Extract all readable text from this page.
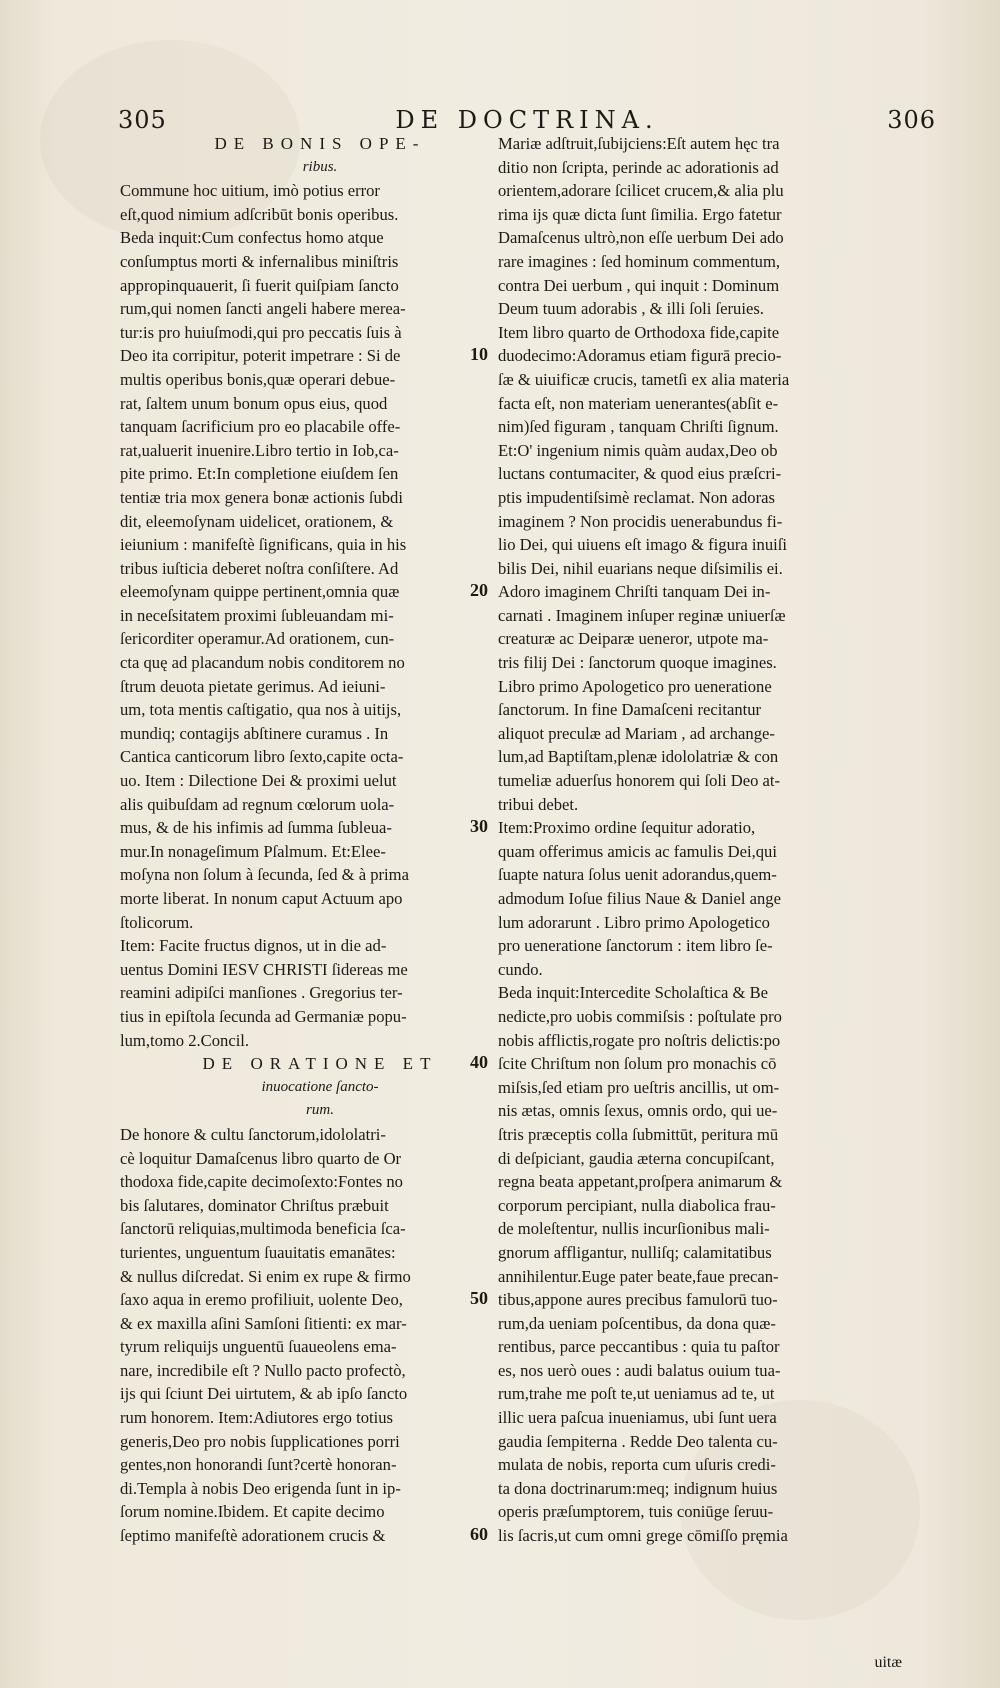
305	DE DOCTRINA.	306
DE BONIS OPE-
ribus.
Commune hoc uitium, imò potius error
eſt,quod nimium adſcribūt bonis operibus.
Beda inquit:Cum confectus homo atque
conſumptus morti & infernalibus miniſtris
appropinquauerit, ſi fuerit quiſpiam ſancto
rum,qui nomen ſancti angeli habere merea-
tur:is pro huiuſmodi,qui pro peccatis ſuis à
Deo ita corripitur, poterit impetrare : Si de
multis operibus bonis,quæ operari debue-
rat, ſaltem unum bonum opus eius, quod
tanquam ſacrificium pro eo placabile offe-
rat,ualuerit inuenire.Libro tertio in Iob,ca-
pite primo. Et:In completione eiuſdem ſen
tentiæ tria mox genera bonæ actionis ſubdi
dit, eleemoſynam uidelicet, orationem, &
ieiunium : manifeſtè ſignificans, quia in his
tribus iuſticia deberet noſtra conſiſtere. Ad
eleemoſynam quippe pertinent,omnia quæ
in neceſsitatem proximi ſubleuandam mi-
ſericorditer operamur.Ad orationem, cun-
cta quę ad placandum nobis conditorem no
ſtrum deuota pietate gerimus. Ad ieiuni-
um, tota mentis caſtigatio, qua nos à uitijs,
mundiq; contagijs abſtinere curamus . In
Cantica canticorum libro ſexto,capite octa-
uo. Item : Dilectione Dei & proximi uelut
alis quibuſdam ad regnum cœlorum uola-
mus, & de his infimis ad ſumma ſubleua-
mur.In nonageſimum Pſalmum. Et:Elee-
moſyna non ſolum à ſecunda, ſed & à prima
morte liberat. In nonum caput Actuum apo
ſtolicorum.
Item: Facite fructus dignos, ut in die ad-
uentus Domini IESV CHRISTI ſidereas me
reamini adipiſci manſiones . Gregorius ter-
tius in epiſtola ſecunda ad Germaniæ popu-
lum,tomo 2.Concil.
DE ORATIONE ET
inuocatione ſancto-
rum.
De honore & cultu ſanctorum,idololatri-
cè loquitur Damaſcenus libro quarto de Or
thodoxa fide,capite decimoſexto:Fontes no
bis ſalutares, dominator Chriſtus præbuit
ſanctorū reliquias,multimoda beneficia ſca-
turientes, unguentum ſuauitatis emanātes:
& nullus diſcredat. Si enim ex rupe & firmo
ſaxo aqua in eremo profiliuit, uolente Deo,
& ex maxilla aſini Samſoni ſitienti: ex mar-
tyrum reliquijs unguentū ſuaueolens ema-
nare, incredibile eſt ? Nullo pacto profectò,
ijs qui ſciunt Dei uirtutem, & ab ipſo ſancto
rum honorem. Item:Adiutores ergo totius
generis,Deo pro nobis ſupplicationes porri
gentes,non honorandi ſunt?certè honoran-
di.Templa à nobis Deo erigenda ſunt in ip-
ſorum nomine.Ibidem. Et capite decimo
ſeptimo manifeſtè adorationem crucis &
Mariæ adſtruit,ſubijciens:Eſt autem hęc tra
ditio non ſcripta, perinde ac adorationis ad
orientem,adorare ſcilicet crucem,& alia plu
rima ijs quæ dicta ſunt ſimilia. Ergo fatetur
Damaſcenus ultrò,non eſſe uerbum Dei ado
rare imagines : ſed hominum commentum,
contra Dei uerbum , qui inquit : Dominum
Deum tuum adorabis , & illi ſoli ſeruies.
Item libro quarto de Orthodoxa fide,capite
duodecimo:Adoramus etiam figurā precio-
ſæ & uiuificæ crucis, tametſi ex alia materia
facta eſt, non materiam uenerantes(abſit e-
nim)ſed figuram , tanquam Chriſti ſignum.
Et:O' ingenium nimis quàm audax,Deo ob
luctans contumaciter, & quod eius præſcri-
ptis impudentiſsimè reclamat. Non adoras
imaginem ? Non procidis uenerabundus fi-
lio Dei, qui uiuens eſt imago & figura inuiſi
bilis Dei, nihil euarians neque diſsimilis ei.
Adoro imaginem Chriſti tanquam Dei in-
carnati . Imaginem inſuper reginæ uniuerſæ
creaturæ ac Deiparæ ueneror, utpote ma-
tris filij Dei : ſanctorum quoque imagines.
Libro primo Apologetico pro ueneratione
ſanctorum. In fine Damaſceni recitantur
aliquot preculæ ad Mariam , ad archange-
lum,ad Baptiſtam,plenæ idololatriæ & con
tumeliæ aduerſus honorem qui ſoli Deo at-
tribui debet.
Item:Proximo ordine ſequitur adoratio,
quam offerimus amicis ac famulis Dei,qui
ſuapte natura ſolus uenit adorandus,quem-
admodum Ioſue filius Naue & Daniel ange
lum adorarunt . Libro primo Apologetico
pro ueneratione ſanctorum : item libro ſe-
cundo.
Beda inquit:Intercedite Scholaſtica & Be
nedicte,pro uobis commiſsis : poſtulate pro
nobis afflictis,rogate pro noſtris delictis:po
ſcite Chriſtum non ſolum pro monachis cō
miſsis,ſed etiam pro ueſtris ancillis, ut om-
nis ætas, omnis ſexus, omnis ordo, qui ue-
ſtris præceptis colla ſubmittūt, peritura mū
di deſpiciant, gaudia æterna concupiſcant,
regna beata appetant,proſpera animarum &
corporum percipiant, nulla diabolica frau-
de moleſtentur, nullis incurſionibus mali-
gnorum affligantur, nulliſq; calamitatibus
annihilentur.Euge pater beate,faue precan-
tibus,appone aures precibus famulorū tuo-
rum,da ueniam poſcentibus, da dona quæ-
rentibus, parce peccantibus : quia tu paſtor
es, nos uerò oues : audi balatus ouium tua-
rum,trahe me poſt te,ut ueniamus ad te, ut
illic uera paſcua inueniamus, ubi ſunt uera
gaudia ſempiterna . Redde Deo talenta cu-
mulata de nobis, reporta cum uſuris credi-
ta dona doctrinarum:meq; indignum huius
operis præſumptorem, tuis coniūge ſeruu-
lis ſacris,ut cum omni grege cōmiſſo pręmia
10
20
30
40
50
60
uitæ
